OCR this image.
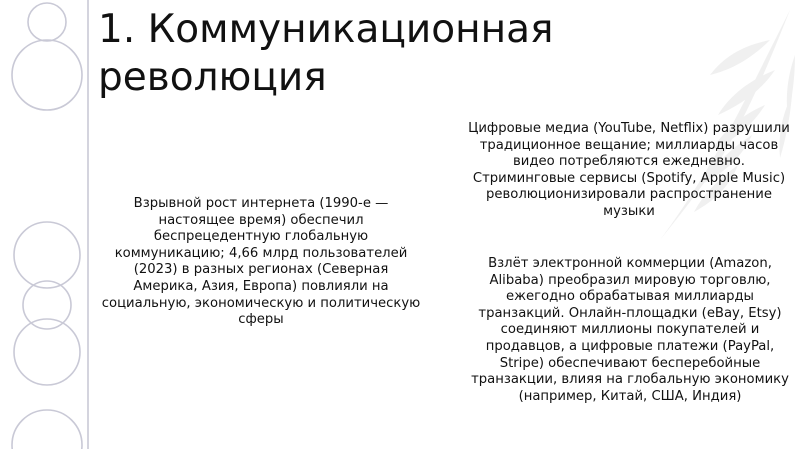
1. Коммуникационная
революция

Взрывной рост интернета (1990-е — настоящее время) обеспечил беспрецедентную глобальную коммуникацию; 4,66 млрд пользователей (2023) в разных регионах (Северная Америка, Азия, Европа) повлияли на социальную, экономическую и политическую сферы

Цифровые медиа (YouTube, Netflix) разрушили традиционное вещание; миллиарды часов видео потребляются ежедневно. Стриминговые сервисы (Spotify, Apple Music) революционизировали распространение музыки

Взлёт электронной коммерции (Amazon, Alibaba) преобразил мировую торговлю, ежегодно обрабатывая миллиарды транзакций. Онлайн-площадки (eBay, Etsy) соединяют миллионы покупателей и продавцов, а цифровые платежи (PayPal, Stripe) обеспечивают бесперебойные транзакции, влияя на глобальную экономику (например, Китай, США, Индия)
